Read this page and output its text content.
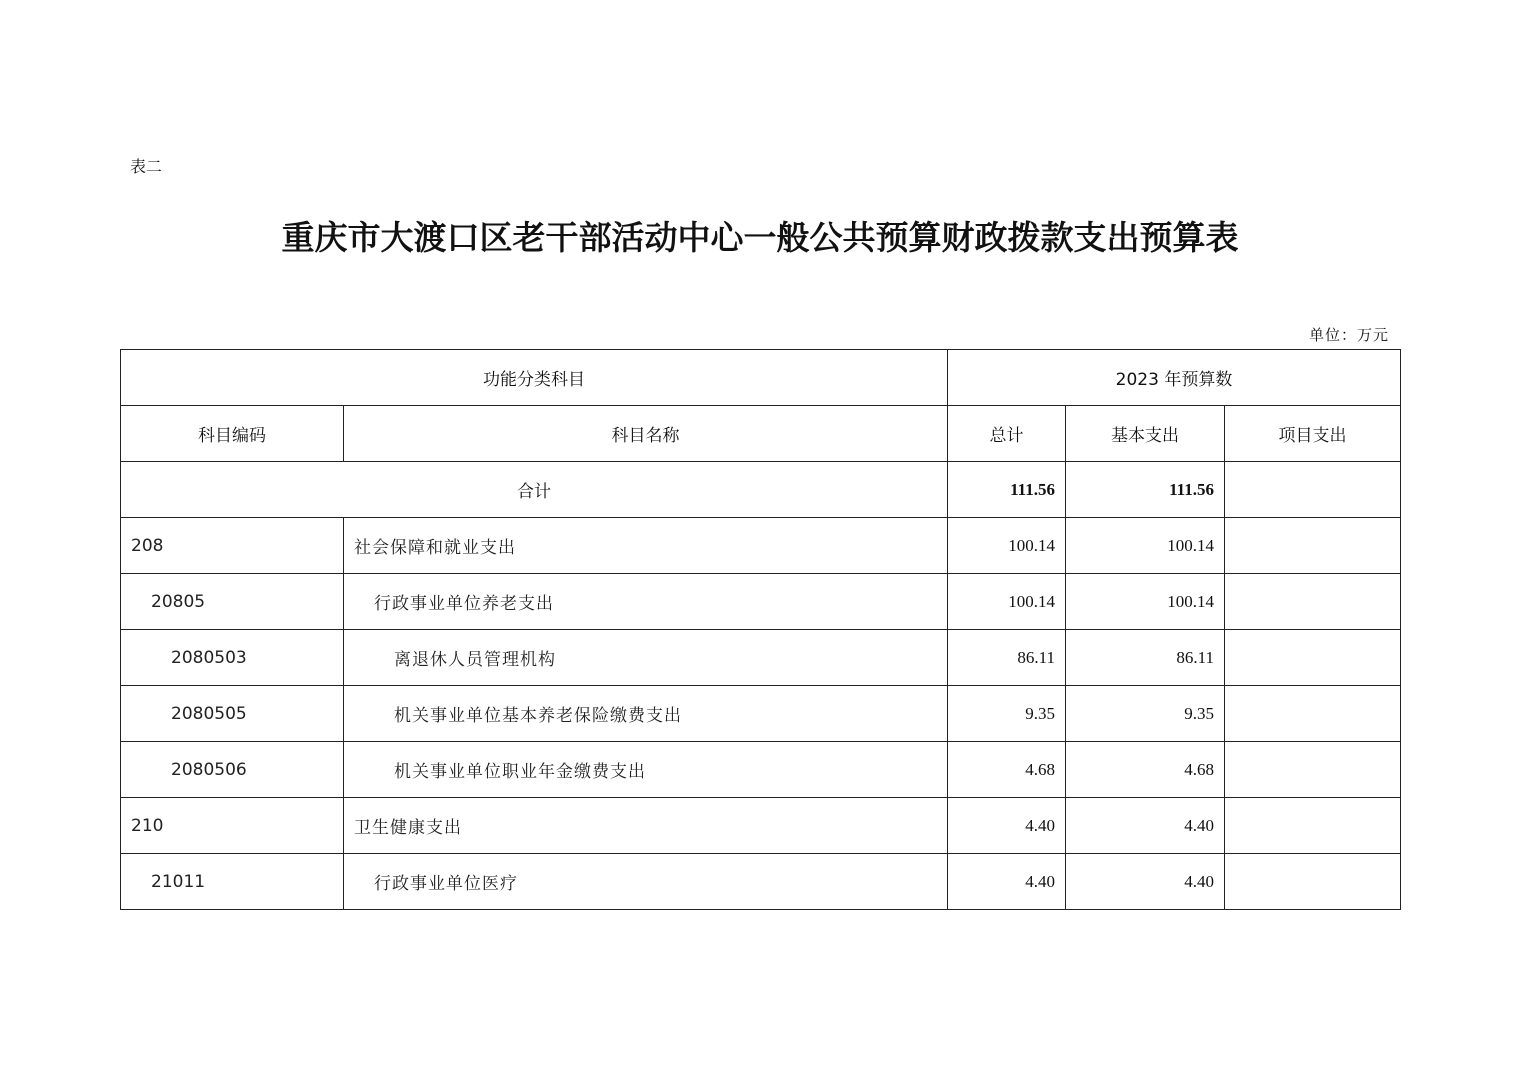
表二
重庆市大渡口区老干部活动中心一般公共预算财政拨款支出预算表
单位：万元
功能分类科目		2023 年预算数		
科目编码	科目名称	总计	基本支出	项目支出
合计		111.56	111.56	
208	社会保障和就业支出	100.14	100.14	
20805	行政事业单位养老支出	100.14	100.14	
2080503	离退休人员管理机构	86.11	86.11	
2080505	机关事业单位基本养老保险缴费支出	9.35	9.35	
2080506	机关事业单位职业年金缴费支出	4.68	4.68	
210	卫生健康支出	4.40	4.40	
21011	行政事业单位医疗	4.40	4.40	
